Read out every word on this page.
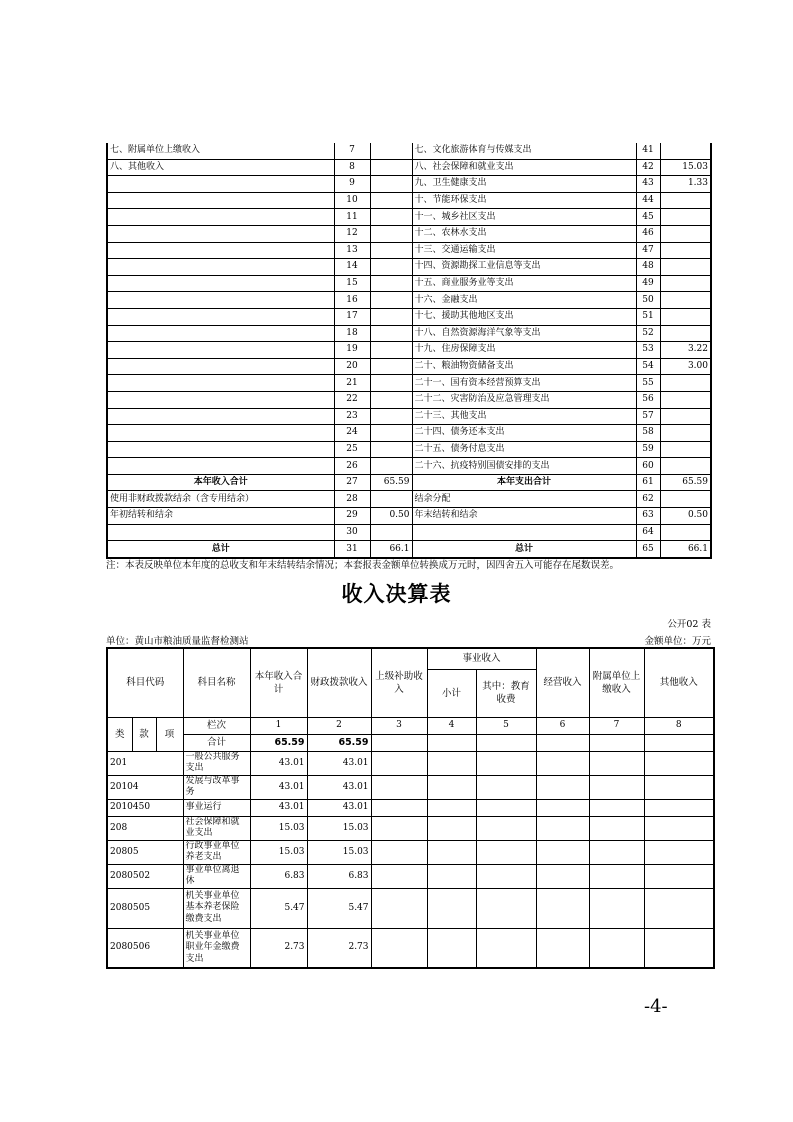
七、附属单位上缴收入	7		七、文化旅游体育与传媒支出	41	
八、其他收入	8		八、社会保障和就业支出	42	15.03
	9		九、卫生健康支出	43	1.33
	10		十、节能环保支出	44	
	11		十一、城乡社区支出	45	
	12		十二、农林水支出	46	
	13		十三、交通运输支出	47	
	14		十四、资源勘探工业信息等支出	48	
	15		十五、商业服务业等支出	49	
	16		十六、金融支出	50	
	17		十七、援助其他地区支出	51	
	18		十八、自然资源海洋气象等支出	52	
	19		十九、住房保障支出	53	3.22
	20		二十、粮油物资储备支出	54	3.00
	21		二十一、国有资本经营预算支出	55	
	22		二十二、灾害防治及应急管理支出	56	
	23		二十三、其他支出	57	
	24		二十四、债务还本支出	58	
	25		二十五、债务付息支出	59	
	26		二十六、抗疫特别国债安排的支出	60	
本年收入合计	27	65.59	本年支出合计	61	65.59
使用非财政拨款结余（含专用结余）	28		结余分配	62	
年初结转和结余	29	0.50	年末结转和结余	63	0.50
	30			64	
总计	31	66.1	总计	65	66.1
注：本表反映单位本年度的总收支和年末结转结余情况；本套报表金额单位转换成万元时，因四舍五入可能存在尾数误差。
收入决算表
公开02 表
单位：黄山市粮油质量监督检测站	金额单位：万元
科目代码			科目名称	本年收入合计	财政拨款收入	上级补助收入	事业收入		经营收入	附属单位上缴收入	其他收入
							小计	其中：教育收费			

类	款	项	栏次	1	2	3	4	5	6	7	8
			合计	65.59	65.59						
201			一般公共服务支出	43.01	43.01						
20104			发展与改革事务	43.01	43.01						
2010450			事业运行	43.01	43.01						
208			社会保障和就业支出	15.03	15.03						
20805			行政事业单位养老支出	15.03	15.03						
2080502			事业单位离退休	6.83	6.83						
2080505			机关事业单位基本养老保险缴费支出	5.47	5.47						
2080506			机关事业单位职业年金缴费支出	2.73	2.73						
-4-
